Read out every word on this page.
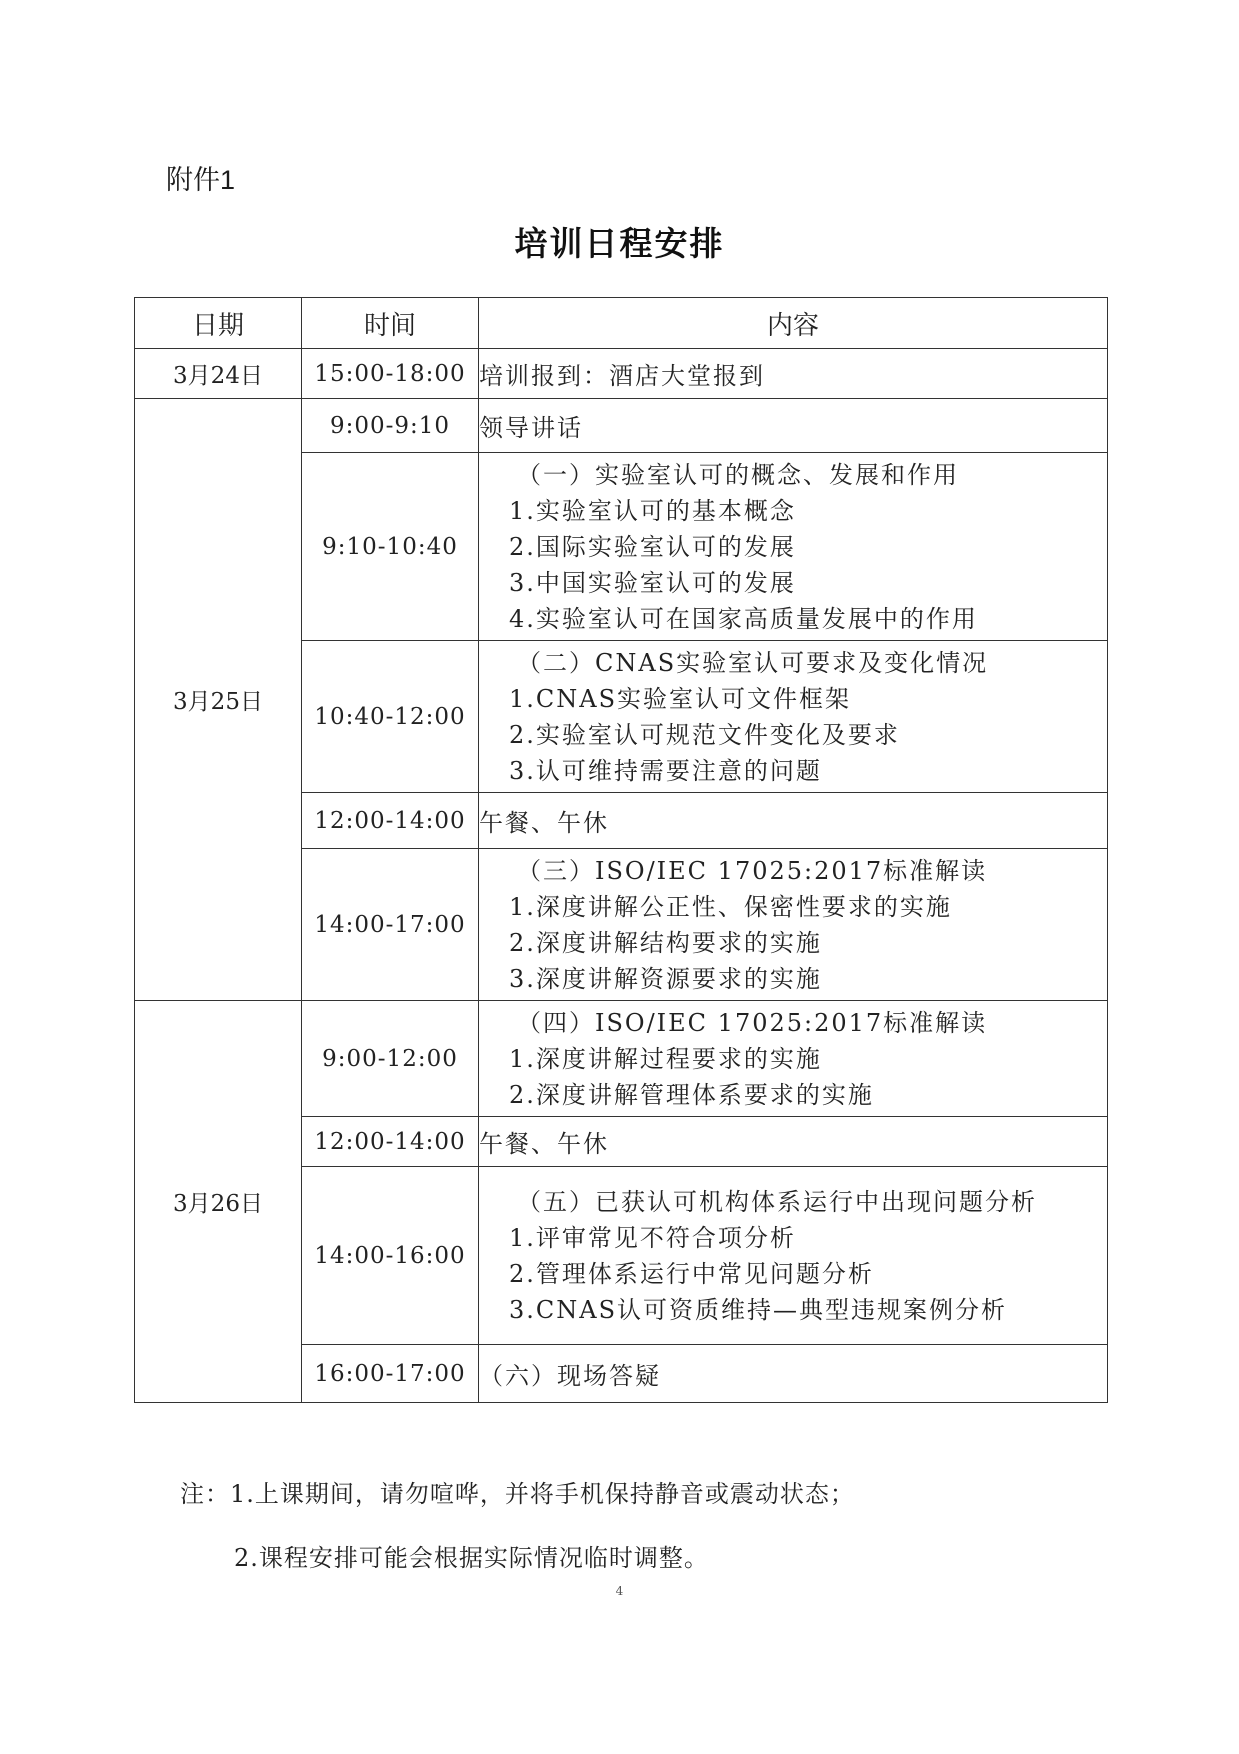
附件1
培训日程安排
日期	时间	内容
3月24日	15:00-18:00	培训报到：酒店大堂报到
3月25日	9:00-9:10	领导讲话
	9:10-10:40	（一）实验室认可的概念、发展和作用
1.实验室认可的基本概念
2.国际实验室认可的发展
3.中国实验室认可的发展
4.实验室认可在国家高质量发展中的作用

	10:40-12:00	（二）CNAS实验室认可要求及变化情况
1.CNAS实验室认可文件框架
2.实验室认可规范文件变化及要求
3.认可维持需要注意的问题

	12:00-14:00	午餐、午休
	14:00-17:00	（三）ISO/IEC 17025:2017标准解读
1.深度讲解公正性、保密性要求的实施
2.深度讲解结构要求的实施
3.深度讲解资源要求的实施

3月26日	9:00-12:00	（四）ISO/IEC 17025:2017标准解读
1.深度讲解过程要求的实施
2.深度讲解管理体系要求的实施

	12:00-14:00	午餐、午休
	14:00-16:00	（五）已获认可机构体系运行中出现问题分析
1.评审常见不符合项分析
2.管理体系运行中常见问题分析
3.CNAS认可资质维持—典型违规案例分析

	16:00-17:00	（六）现场答疑
注：1.上课期间，请勿喧哗，并将手机保持静音或震动状态；
2.课程安排可能会根据实际情况临时调整。
4
